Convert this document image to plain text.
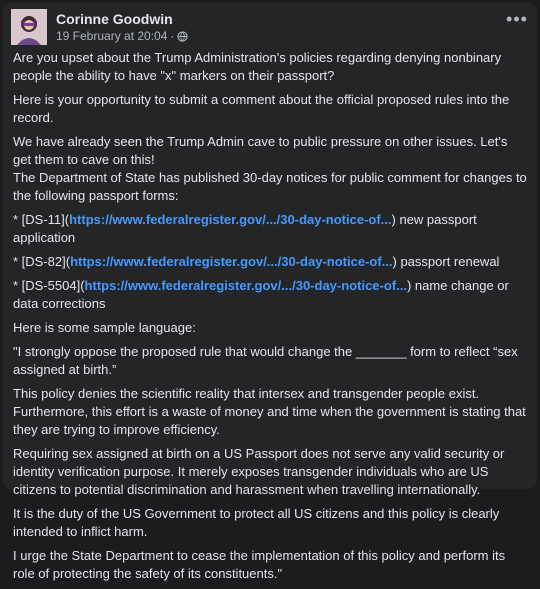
Corinne Goodwin
19 February at 20:04 ·
•••

Are you upset about the Trump Administration's policies regarding denying nonbinary people the ability to have "x" markers on their passport?

Here is your opportunity to submit a comment about the official proposed rules into the record.

We have already seen the Trump Admin cave to public pressure on other issues. Let's get them to cave on this!

The Department of State has published 30-day notices for public comment for changes to the following passport forms:

* [DS-11](https://www.federalregister.gov/.../30-day-notice-of...) new passport application

* [DS-82](https://www.federalregister.gov/.../30-day-notice-of...) passport renewal

* [DS-5504](https://www.federalregister.gov/.../30-day-notice-of...) name change or data corrections

Here is some sample language:

"I strongly oppose the proposed rule that would change the _______ form to reflect “sex assigned at birth.”

This policy denies the scientific reality that intersex and transgender people exist. Furthermore, this effort is a waste of money and time when the government is stating that they are trying to improve efficiency.

Requiring sex assigned at birth on a US Passport does not serve any valid security or identity verification purpose. It merely exposes transgender individuals who are US citizens to potential discrimination and harassment when travelling internationally.

It is the duty of the US Government to protect all US citizens and this policy is clearly intended to inflict harm.

I urge the State Department to cease the implementation of this policy and perform its role of protecting the safety of its constituents."
